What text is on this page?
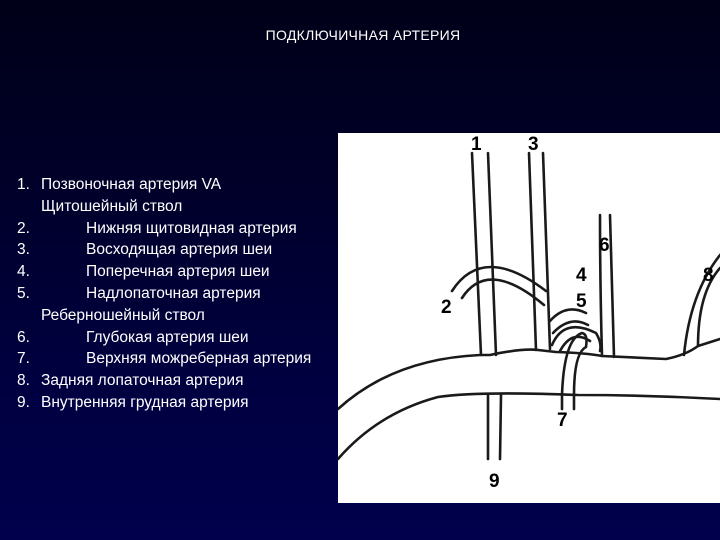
ПОДКЛЮЧИЧНАЯ АРТЕРИЯ
1. Позвоночная артерия VA
Щитошейный ствол
2.	Нижняя щитовидная артерия
3.	Восходящая артерия шеи
4.	Поперечная артерия шеи
5.	Надлопаточная артерия
Реберношейный ствол
6.	Глубокая артерия шеи
7.	Верхняя можреберная артерия
8. Задняя лопаточная артерия
9. Внутренняя грудная артерия
1
2
3
4
5
6
7
8
9
